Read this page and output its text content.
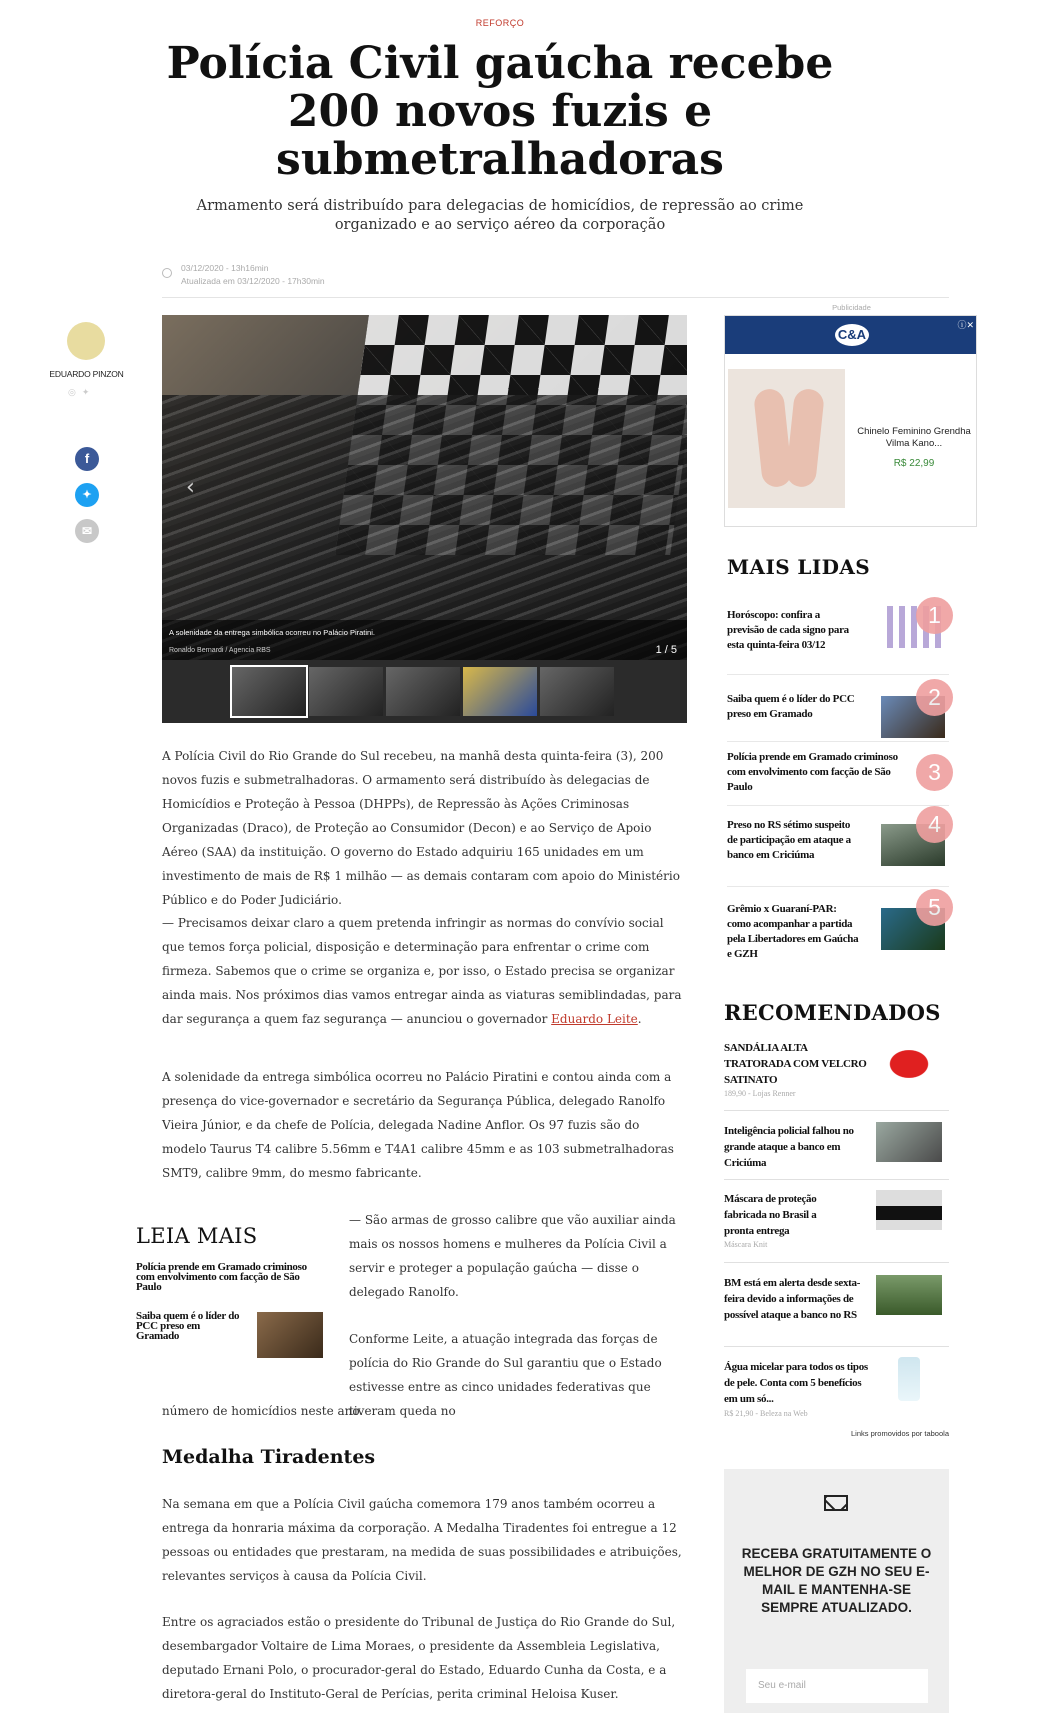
REFORÇO
Polícia Civil gaúcha recebe
200 novos fuzis e
submetralhadoras

Armamento será distribuído para delegacias de homicídios, de repressão ao crime organizado e ao serviço aéreo da corporação

03/12/2020 - 13h16min
Atualizada em 03/12/2020 - 17h30min
EDUARDO PINZON
◎✦
f
✦
✉
‹
A solenidade da entrega simbólica ocorreu no Palácio Piratini.
Ronaldo Bernardi / Agencia RBS	1 / 5

A Polícia Civil do Rio Grande do Sul recebeu, na manhã desta quinta-feira (3), 200 novos fuzis e submetralhadoras. O armamento será distribuído às delegacias de Homicídios e Proteção à Pessoa (DHPPs), de Repressão às Ações Criminosas Organizadas (Draco), de Proteção ao Consumidor (Decon) e ao Serviço de Apoio Aéreo (SAA) da instituição. O governo do Estado adquiriu 165 unidades em um investimento de mais de R$ 1 milhão — as demais contaram com apoio do Ministério Público e do Poder Judiciário.

— Precisamos deixar claro a quem pretenda infringir as normas do convívio social que temos força policial, disposição e determinação para enfrentar o crime com firmeza. Sabemos que o crime se organiza e, por isso, o Estado precisa se organizar ainda mais. Nos próximos dias vamos entregar ainda as viaturas semiblindadas, para dar segurança a quem faz segurança — anunciou o governador Eduardo Leite.

A solenidade da entrega simbólica ocorreu no Palácio Piratini e contou ainda com a presença do vice-governador e secretário da Segurança Pública, delegado Ranolfo Vieira Júnior, e da chefe de Polícia, delegada Nadine Anflor. Os 97 fuzis são do modelo Taurus T4 calibre 5.56mm e T4A1 calibre 45mm e as 103 submetralhadoras SMT9, calibre 9mm, do mesmo fabricante.

LEIA MAIS
Polícia prende em Gramado criminoso com envolvimento com facção de São Paulo
Saiba quem é o líder do PCC preso em Gramado

— São armas de grosso calibre que vão auxiliar ainda mais os nossos homens e mulheres da Polícia Civil a servir e proteger a população gaúcha — disse o delegado Ranolfo.

Conforme Leite, a atuação integrada das forças de polícia do Rio Grande do Sul garantiu que o Estado estivesse entre as cinco unidades federativas que tiveram queda no

número de homicídios neste ano.

Medalha Tiradentes

Na semana em que a Polícia Civil gaúcha comemora 179 anos também ocorreu a entrega da honraria máxima da corporação. A Medalha Tiradentes foi entregue a 12 pessoas ou entidades que prestaram, na medida de suas possibilidades e atribuições, relevantes serviços à causa da Polícia Civil.

Entre os agraciados estão o presidente do Tribunal de Justiça do Rio Grande do Sul, desembargador Voltaire de Lima Moraes, o presidente da Assembleia Legislativa, deputado Ernani Polo, o procurador-geral do Estado, Eduardo Cunha da Costa, e a diretora-geral do Instituto-Geral de Perícias, perita criminal Heloisa Kuser.

Publicidade
C&A
ⓘ✕
Chinelo Feminino Grendha Vilma Kano...
R$ 22,99
MAIS LIDAS
Horóscopo: confira a previsão de cada signo para esta quinta-feira 03/12
1
Saiba quem é o líder do PCC preso em Gramado
2
Polícia prende em Gramado criminoso com envolvimento com facção de São Paulo
3
Preso no RS sétimo suspeito de participação em ataque a banco em Criciúma
4
Grêmio x Guaraní-PAR: como acompanhar a partida pela Libertadores em Gaúcha e GZH
5
RECOMENDADOS
SANDÁLIA ALTA TRATORADA COM VELCRO SATINATO
189,90 - Lojas Renner
Inteligência policial falhou no grande ataque a banco em Criciúma
Máscara de proteção fabricada no Brasil a pronta entrega
Máscara Knit
BM está em alerta desde sexta-feira devido a informações de possível ataque a banco no RS
Água micelar para todos os tipos de pele. Conta com 5 benefícios em um só...
R$ 21,90 - Beleza na Web
Links promovidos por taboola
RECEBA GRATUITAMENTE O MELHOR DE GZH NO SEU E-MAIL E MANTENHA-SE SEMPRE ATUALIZADO.
Seu e-mail
